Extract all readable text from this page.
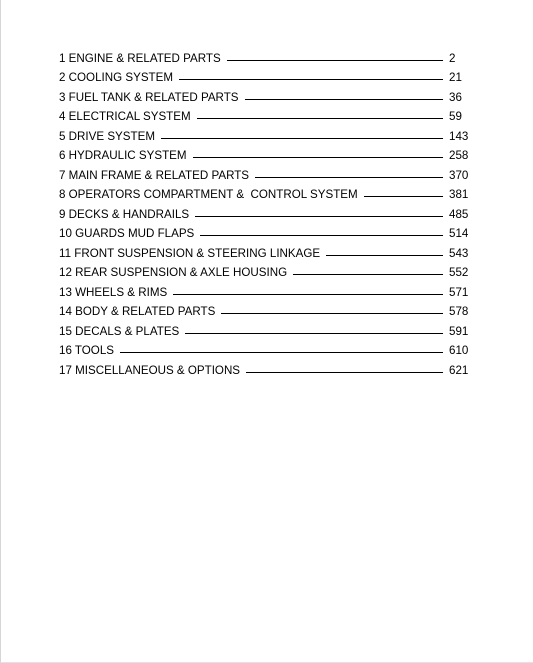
1 ENGINE & RELATED PARTS	2
2 COOLING SYSTEM	21
3 FUEL TANK & RELATED PARTS	36
4 ELECTRICAL SYSTEM	59
5 DRIVE SYSTEM	143
6 HYDRAULIC SYSTEM	258
7 MAIN FRAME & RELATED PARTS	370
8 OPERATORS COMPARTMENT &  CONTROL SYSTEM	381
9 DECKS & HANDRAILS	485
10 GUARDS MUD FLAPS	514
11 FRONT SUSPENSION & STEERING LINKAGE	543
12 REAR SUSPENSION & AXLE HOUSING	552
13 WHEELS & RIMS	571
14 BODY & RELATED PARTS	578
15 DECALS & PLATES	591
16 TOOLS	610
17 MISCELLANEOUS & OPTIONS	621
